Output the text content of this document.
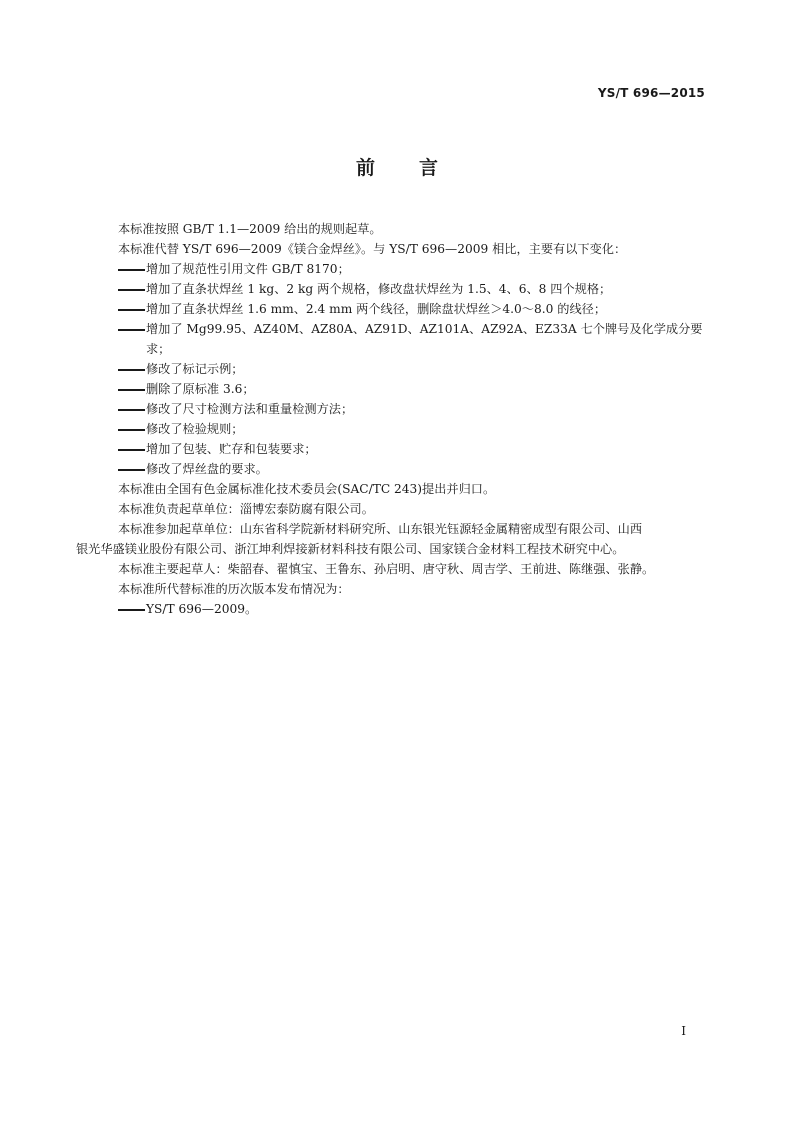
YS/T 696—2015
前言

本标准按照 GB/T 1.1—2009 给出的规则起草。

本标准代替 YS/T 696—2009《镁合金焊丝》。与 YS/T 696—2009 相比，主要有以下变化：

增加了规范性引用文件 GB/T 8170；
增加了直条状焊丝 1 kg、2 kg 两个规格，修改盘状焊丝为 1.5、4、6、8 四个规格；
增加了直条状焊丝 1.6 mm、2.4 mm 两个线径，删除盘状焊丝＞4.0～8.0 的线径；
增加了 Mg99.95、AZ40M、AZ80A、AZ91D、AZ101A、AZ92A、EZ33A 七个牌号及化学成分要求；
修改了标记示例；
删除了原标准 3.6；
修改了尺寸检测方法和重量检测方法；
修改了检验规则；
增加了包装、贮存和包装要求；
修改了焊丝盘的要求。

本标准由全国有色金属标准化技术委员会(SAC/TC 243)提出并归口。

本标准负责起草单位：淄博宏泰防腐有限公司。

本标准参加起草单位：山东省科学院新材料研究所、山东银光钰源轻金属精密成型有限公司、山西
银光华盛镁业股份有限公司、浙江坤利焊接新材料科技有限公司、国家镁合金材料工程技术研究中心。

本标准主要起草人：柴韶春、翟慎宝、王鲁东、孙启明、唐守秋、周吉学、王前进、陈继强、张静。

本标准所代替标准的历次版本发布情况为：

YS/T 696—2009。
I
